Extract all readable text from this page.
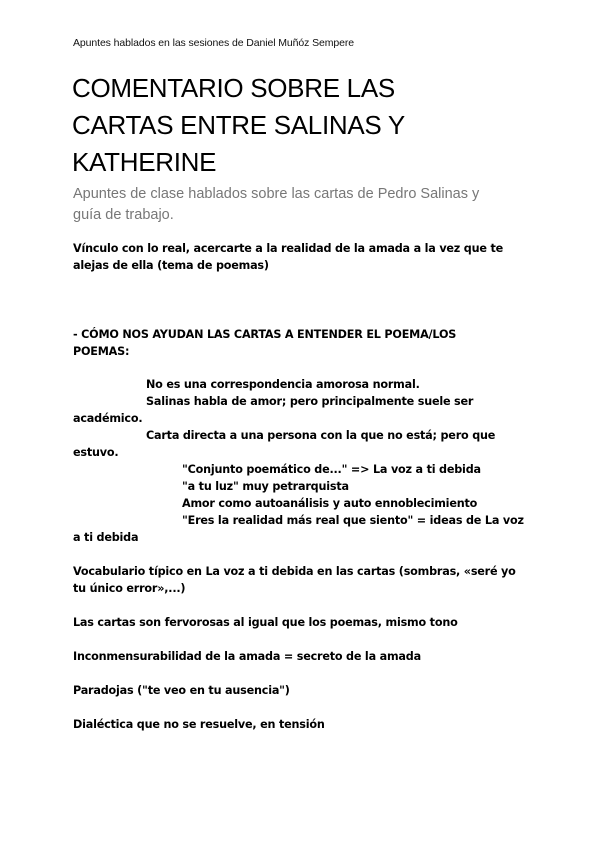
Apuntes hablados en las sesiones de Daniel Muñóz Sempere
COMENTARIO SOBRE LAS
CARTAS ENTRE SALINAS Y
KATHERINE
Apuntes de clase hablados sobre las cartas de Pedro Salinas y
guía de trabajo.
Vínculo con lo real, acercarte a la realidad de la amada a la vez que te
alejas de ella (tema de poemas)
- CÓMO NOS AYUDAN LAS CARTAS A ENTENDER EL POEMA/LOS
POEMAS:
No es una correspondencia amorosa normal.
Salinas habla de amor; pero principalmente suele ser
académico.
Carta directa a una persona con la que no está; pero que
estuvo.
"Conjunto poemático de..." => La voz a ti debida
"a tu luz" muy petrarquista
Amor como autoanálisis y auto ennoblecimiento
"Eres la realidad más real que siento" = ideas de La voz
a ti debida
Vocabulario típico en La voz a ti debida en las cartas (sombras, «seré yo
tu único error»,...)
Las cartas son fervorosas al igual que los poemas, mismo tono
Inconmensurabilidad de la amada = secreto de la amada
Paradojas ("te veo en tu ausencia")
Dialéctica que no se resuelve, en tensión
